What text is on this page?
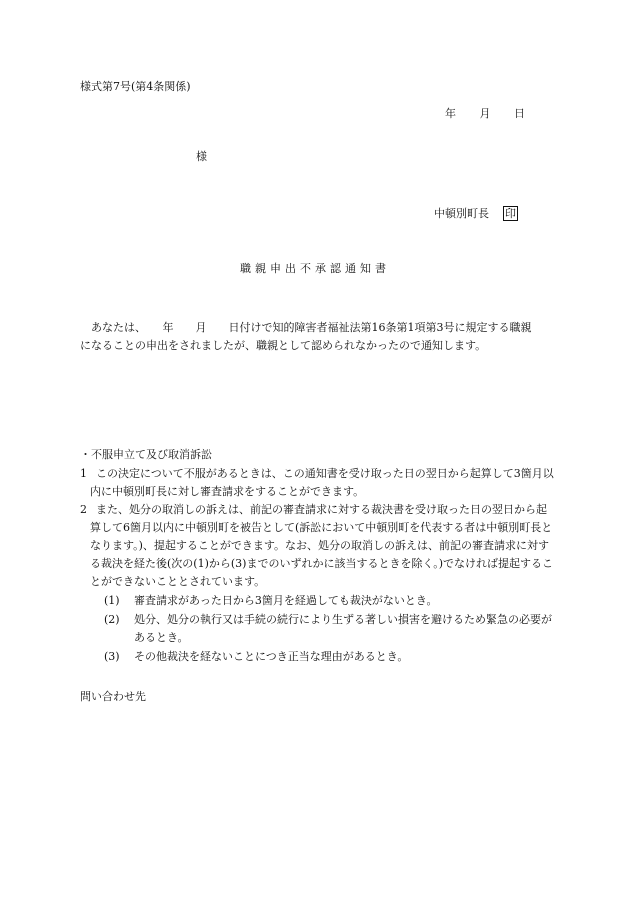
様式第7号(第4条関係)
年 月 日
様
中頓別町長 印
職親申出不承認通知書
あなたは、　　年　　月　　日付けで知的障害者福祉法第16条第1項第3号に規定する職親になることの申出をされましたが、職親として認められなかったので通知します。
・不服申立て及び取消訴訟
1 この決定について不服があるときは、この通知書を受け取った日の翌日から起算して3箇月以内に中頓別町長に対し審査請求をすることができます。
2 また、処分の取消しの訴えは、前記の審査請求に対する裁決書を受け取った日の翌日から起算して6箇月以内に中頓別町を被告として(訴訟において中頓別町を代表する者は中頓別町長となります。)、提起することができます。なお、処分の取消しの訴えは、前記の審査請求に対する裁決を経た後(次の(1)から(3)までのいずれかに該当するときを除く。)でなければ提起することができないこととされています。
(1) 審査請求があった日から3箇月を経過しても裁決がないとき。
(2) 処分、処分の執行又は手続の続行により生ずる著しい損害を避けるため緊急の必要があるとき。
(3) その他裁決を経ないことにつき正当な理由があるとき。
問い合わせ先
